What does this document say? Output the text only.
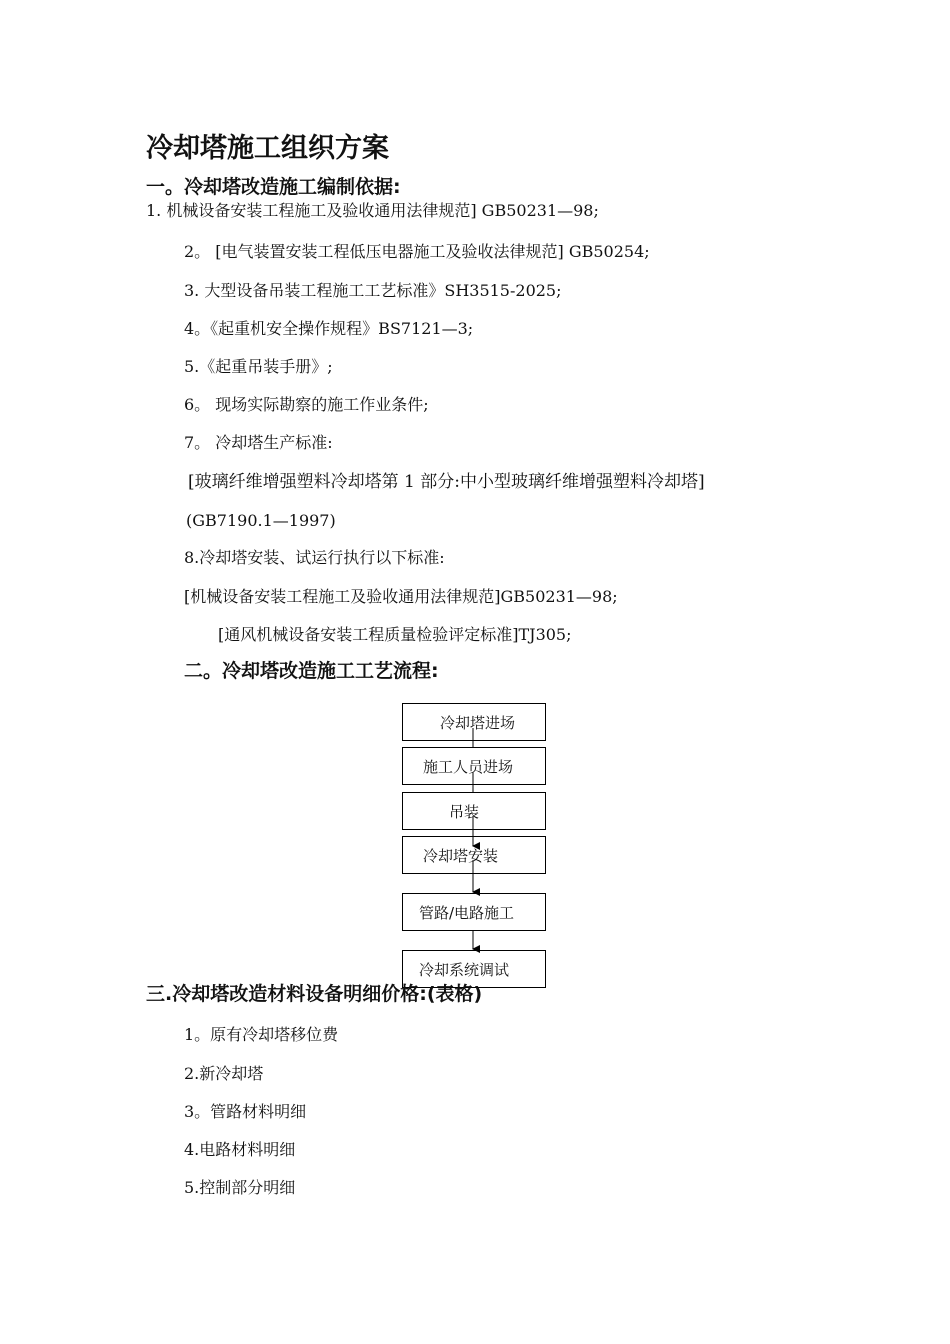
冷却塔施工组织方案
一。冷却塔改造施工编制依据:
1. 机械设备安装工程施工及验收通用法律规范] GB50231—98;
2。 [电气装置安装工程低压电器施工及验收法律规范] GB50254;
3. 大型设备吊装工程施工工艺标准》SH3515-2025;
4。《起重机安全操作规程》BS7121—3;
5.《起重吊装手册》;
6。 现场实际勘察的施工作业条件;
7。 冷却塔生产标准:
[玻璃纤维增强塑料冷却塔第 1 部分:中小型玻璃纤维增强塑料冷却塔]
(GB7190.1—1997)
8.冷却塔安装、试运行执行以下标准:
[机械设备安装工程施工及验收通用法律规范]GB50231—98;
[通风机械设备安装工程质量检验评定标准]TJ305;
二。冷却塔改造施工工艺流程:
冷却塔进场
施工人员进场
吊装
冷却塔安装
管路/电路施工
冷却系统调试
三.冷却塔改造材料设备明细价格:(表格)
1。原有冷却塔移位费
2.新冷却塔
3。管路材料明细
4.电路材料明细
5.控制部分明细
